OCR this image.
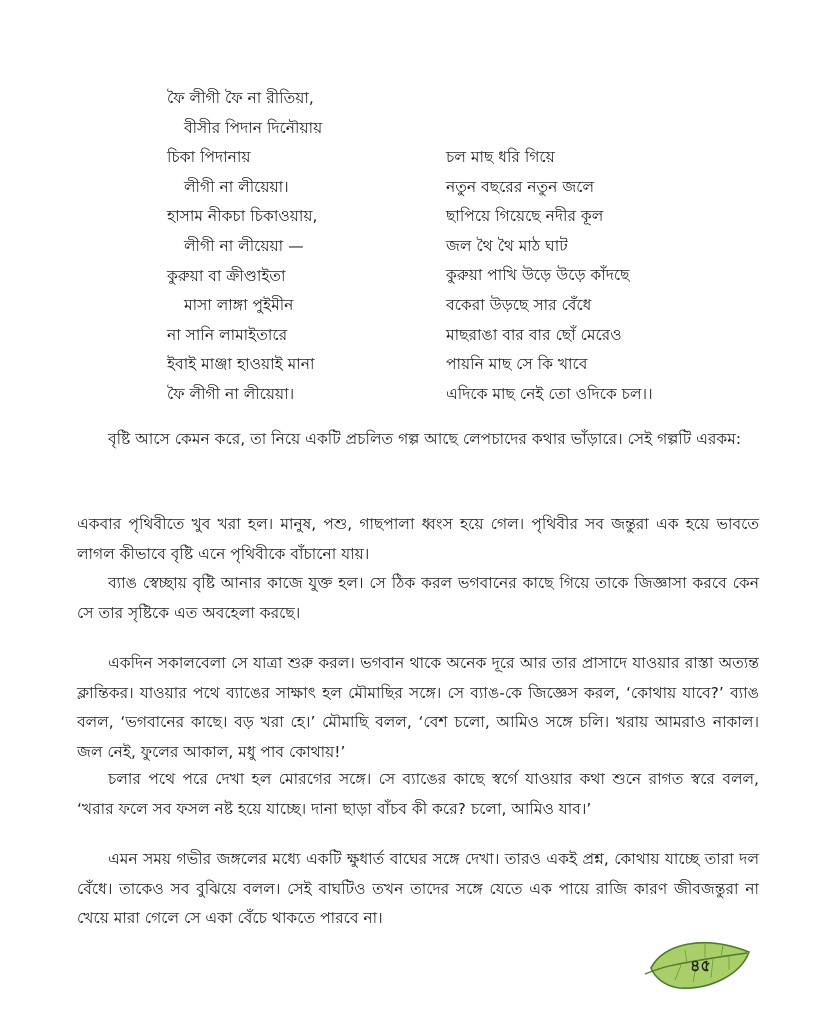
ফৈ লীগী ফৈ না রীতিয়া,
বীসীর পিদান দিনৌয়ায়
চিকা পিদানায়
লীগী না লীয়েয়া।
হাসাম নীকচা চিকাওয়ায়,
লীগী না লীয়েয়া —
কুরুয়া বা ক্রীণ্ডাইতা
মাসা লাঙ্গা পুইমীন
না সানি লামাইতারে
ইবাই মাঞ্জা হাওয়াই মানা
ফৈ লীগী না লীয়েয়া।
চল মাছ ধরি গিয়ে
নতুন বছরের নতুন জলে
ছাপিয়ে গিয়েছে নদীর কূল
জল থৈ থৈ মাঠ ঘাট
কুরুয়া পাখি উড়ে উড়ে কাঁদছে
বকেরা উড়ছে সার বেঁধে
মাছরাঙা বার বার ছোঁ মেরেও
পায়নি মাছ সে কি খাবে
এদিকে মাছ নেই তো ওদিকে চল।।

বৃষ্টি আসে কেমন করে, তা নিয়ে একটি প্রচলিত গল্প আছে লেপচাদের কথার ভাঁড়ারে। সেই গল্পটি এরকম:

একবার পৃথিবীতে খুব খরা হল। মানুষ, পশু, গাছপালা ধ্বংস হয়ে গেল। পৃথিবীর সব জন্তুরা এক হয়ে ভাবতে লাগল কীভাবে বৃষ্টি এনে পৃথিবীকে বাঁচানো যায়।

ব্যাঙ স্বেচ্ছায় বৃষ্টি আনার কাজে যুক্ত হল। সে ঠিক করল ভগবানের কাছে গিয়ে তাকে জিজ্ঞাসা করবে কেন সে তার সৃষ্টিকে এত অবহেলা করছে।

একদিন সকালবেলা সে যাত্রা শুরু করল। ভগবান থাকে অনেক দূরে আর তার প্রাসাদে যাওয়ার রাস্তা অত্যন্ত ক্লান্তিকর। যাওয়ার পথে ব্যাঙের সাক্ষাৎ হল মৌমাছির সঙ্গে। সে ব্যাঙ-কে জিজ্ঞেস করল, ‘কোথায় যাবে?’ ব্যাঙ বলল, ‘ভগবানের কাছে। বড় খরা হে।’ মৌমাছি বলল, ‘বেশ চলো, আমিও সঙ্গে চলি। খরায় আমরাও নাকাল। জল নেই, ফুলের আকাল, মধু পাব কোথায়!’

চলার পথে পরে দেখা হল মোরগের সঙ্গে। সে ব্যাঙের কাছে স্বর্গে যাওয়ার কথা শুনে রাগত স্বরে বলল, ‘খরার ফলে সব ফসল নষ্ট হয়ে যাচ্ছে। দানা ছাড়া বাঁচব কী করে? চলো, আমিও যাব।’

এমন সময় গভীর জঙ্গলের মধ্যে একটি ক্ষুধার্ত বাঘের সঙ্গে দেখা। তারও একই প্রশ্ন, কোথায় যাচ্ছে তারা দল বেঁধে। তাকেও সব বুঝিয়ে বলল। সেই বাঘটিও তখন তাদের সঙ্গে যেতে এক পায়ে রাজি কারণ জীবজন্তুরা না খেয়ে মারা গেলে সে একা বেঁচে থাকতে পারবে না।

৪৫
